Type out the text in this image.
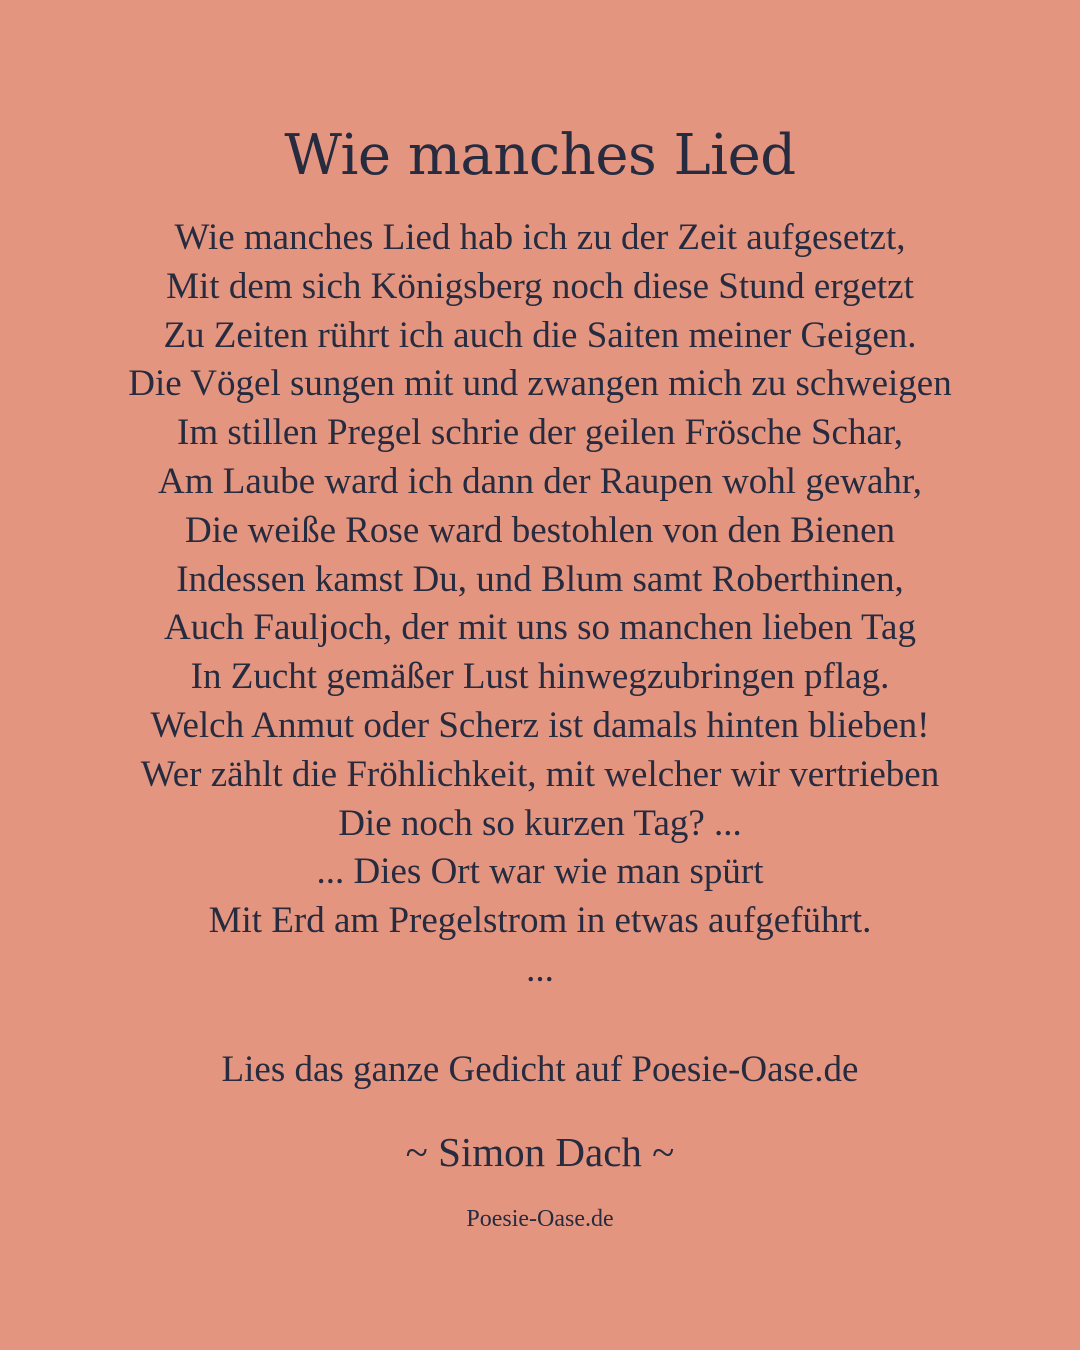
Wie manches Lied
Wie manches Lied hab ich zu der Zeit aufgesetzt,
Mit dem sich Königsberg noch diese Stund ergetzt
Zu Zeiten rührt ich auch die Saiten meiner Geigen.
Die Vögel sungen mit und zwangen mich zu schweigen
Im stillen Pregel schrie der geilen Frösche Schar,
Am Laube ward ich dann der Raupen wohl gewahr,
Die weiße Rose ward bestohlen von den Bienen
Indessen kamst Du, und Blum samt Roberthinen,
Auch Fauljoch, der mit uns so manchen lieben Tag
In Zucht gemäßer Lust hinwegzubringen pflag.
Welch Anmut oder Scherz ist damals hinten blieben!
Wer zählt die Fröhlichkeit, mit welcher wir vertrieben
Die noch so kurzen Tag? ...
... Dies Ort war wie man spürt
Mit Erd am Pregelstrom in etwas aufgeführt.
...

Lies das ganze Gedicht auf Poesie-Oase.de

~ Simon Dach ~

Poesie-Oase.de
